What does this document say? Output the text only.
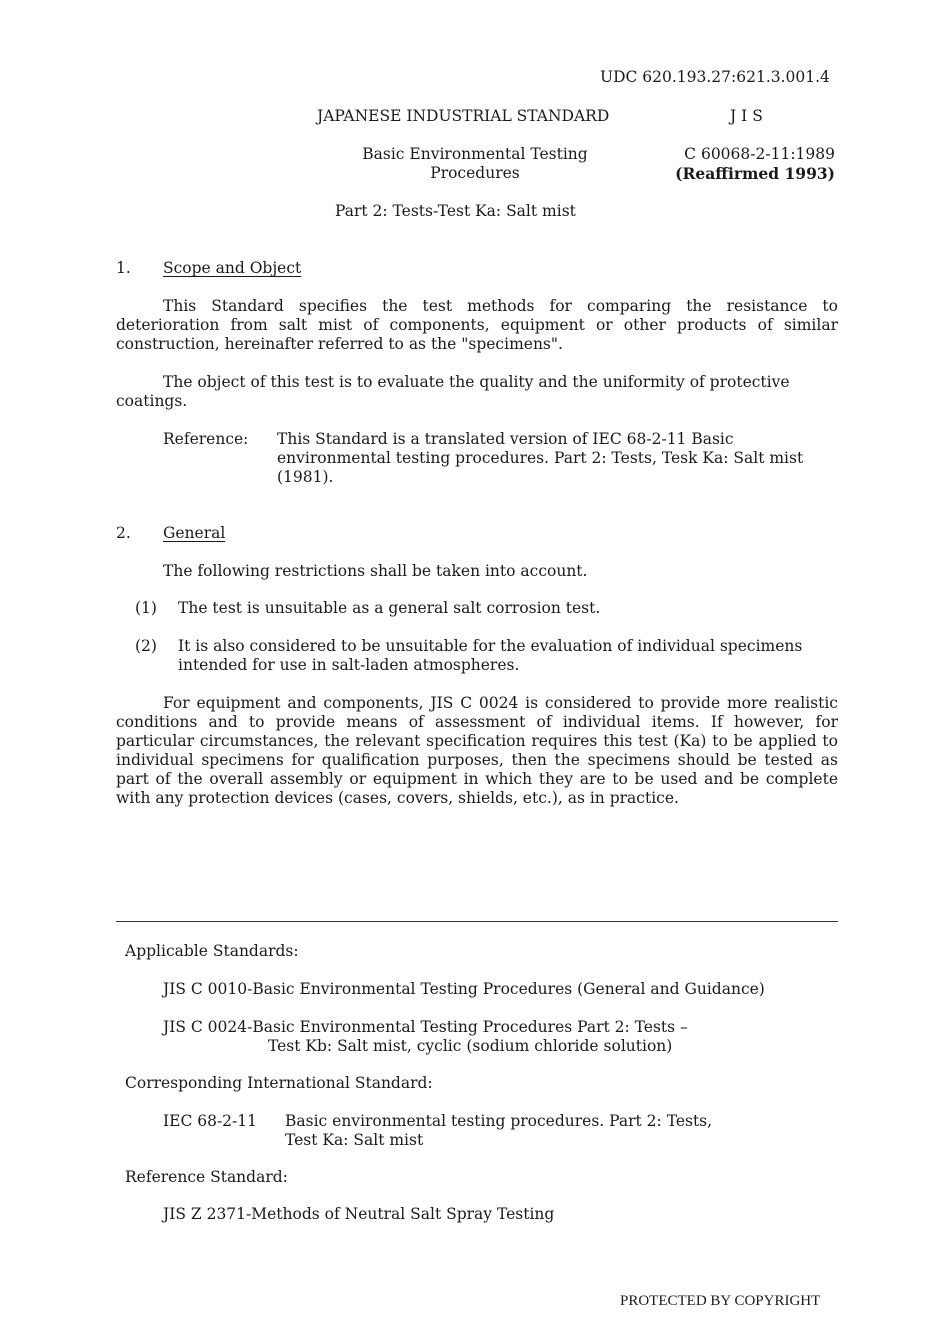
UDC 620.193.27:621.3.001.4

JAPANESE INDUSTRIAL STANDARD	J I S

Basic Environmental Testing
Procedures
C 60068-2-11:1989
(Reaffirmed 1993)

Part 2: Tests-Test Ka: Salt mist

1. Scope and Object

This Standard specifies the test methods for comparing the resistance to deterioration from salt mist of components, equipment or other products of similar construction, hereinafter referred to as the "specimens".

The object of this test is to evaluate the quality and the uniformity of protective coatings.

Reference: This Standard is a translated version of IEC 68-2-11 Basic environmental testing procedures. Part 2: Tests, Tesk Ka: Salt mist (1981).

2. General

The following restrictions shall be taken into account.

(1) The test is unsuitable as a general salt corrosion test.

(2) It is also considered to be unsuitable for the evaluation of individual specimens intended for use in salt-laden atmospheres.

For equipment and components, JIS C 0024 is considered to provide more realistic conditions and to provide means of assessment of individual items. If however, for particular circumstances, the relevant specification requires this test (Ka) to be applied to individual specimens for qualification purposes, then the specimens should be tested as part of the overall assembly or equipment in which they are to be used and be complete with any protection devices (cases, covers, shields, etc.), as in practice.

Applicable Standards:

JIS C 0010-Basic Environmental Testing Procedures (General and Guidance)

JIS C 0024-Basic Environmental Testing Procedures Part 2: Tests –

Test Kb: Salt mist, cyclic (sodium chloride solution)

Corresponding International Standard:

IEC 68-2-11 Basic environmental testing procedures. Part 2: Tests,

Test Ka: Salt mist

Reference Standard:

JIS Z 2371-Methods of Neutral Salt Spray Testing

PROTECTED BY COPYRIGHT
